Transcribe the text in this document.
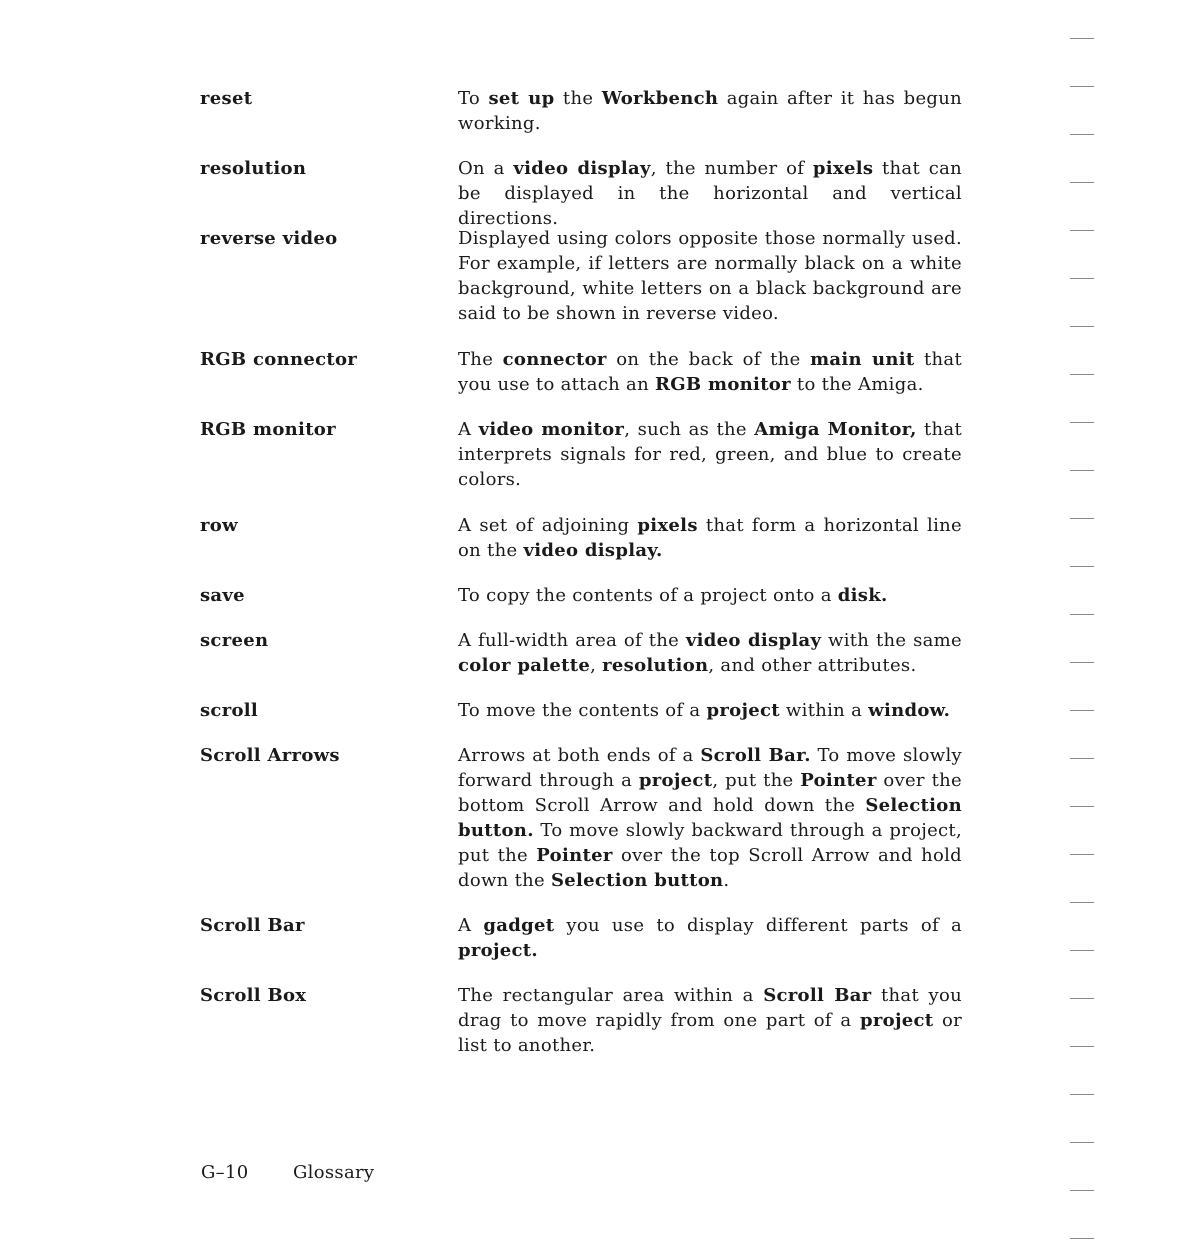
reset	To set up the Workbench again after it has begun working.
resolution	On a video display, the number of pixels that can be displayed in the horizontal and vertical directions.
reverse video	Displayed using colors opposite those normally used. For example, if letters are normally black on a white background, white letters on a black background are said to be shown in reverse video.
RGB connector	The connector on the back of the main unit that you use to attach an RGB monitor to the Amiga.
RGB monitor	A video monitor, such as the Amiga Monitor, that interprets signals for red, green, and blue to create colors.
row	A set of adjoining pixels that form a horizontal line on the video display.
save	To copy the contents of a project onto a disk.
screen	A full-width area of the video display with the same color palette, resolution, and other attributes.
scroll	To move the contents of a project within a window.
Scroll Arrows	Arrows at both ends of a Scroll Bar. To move slowly forward through a project, put the Pointer over the bottom Scroll Arrow and hold down the Selection button. To move slowly backward through a project, put the Pointer over the top Scroll Arrow and hold down the Selection button.
Scroll Bar	A gadget you use to display different parts of a project.
Scroll Box	The rectangular area within a Scroll Bar that you drag to move rapidly from one part of a project or list to another.
G–10 Glossary
